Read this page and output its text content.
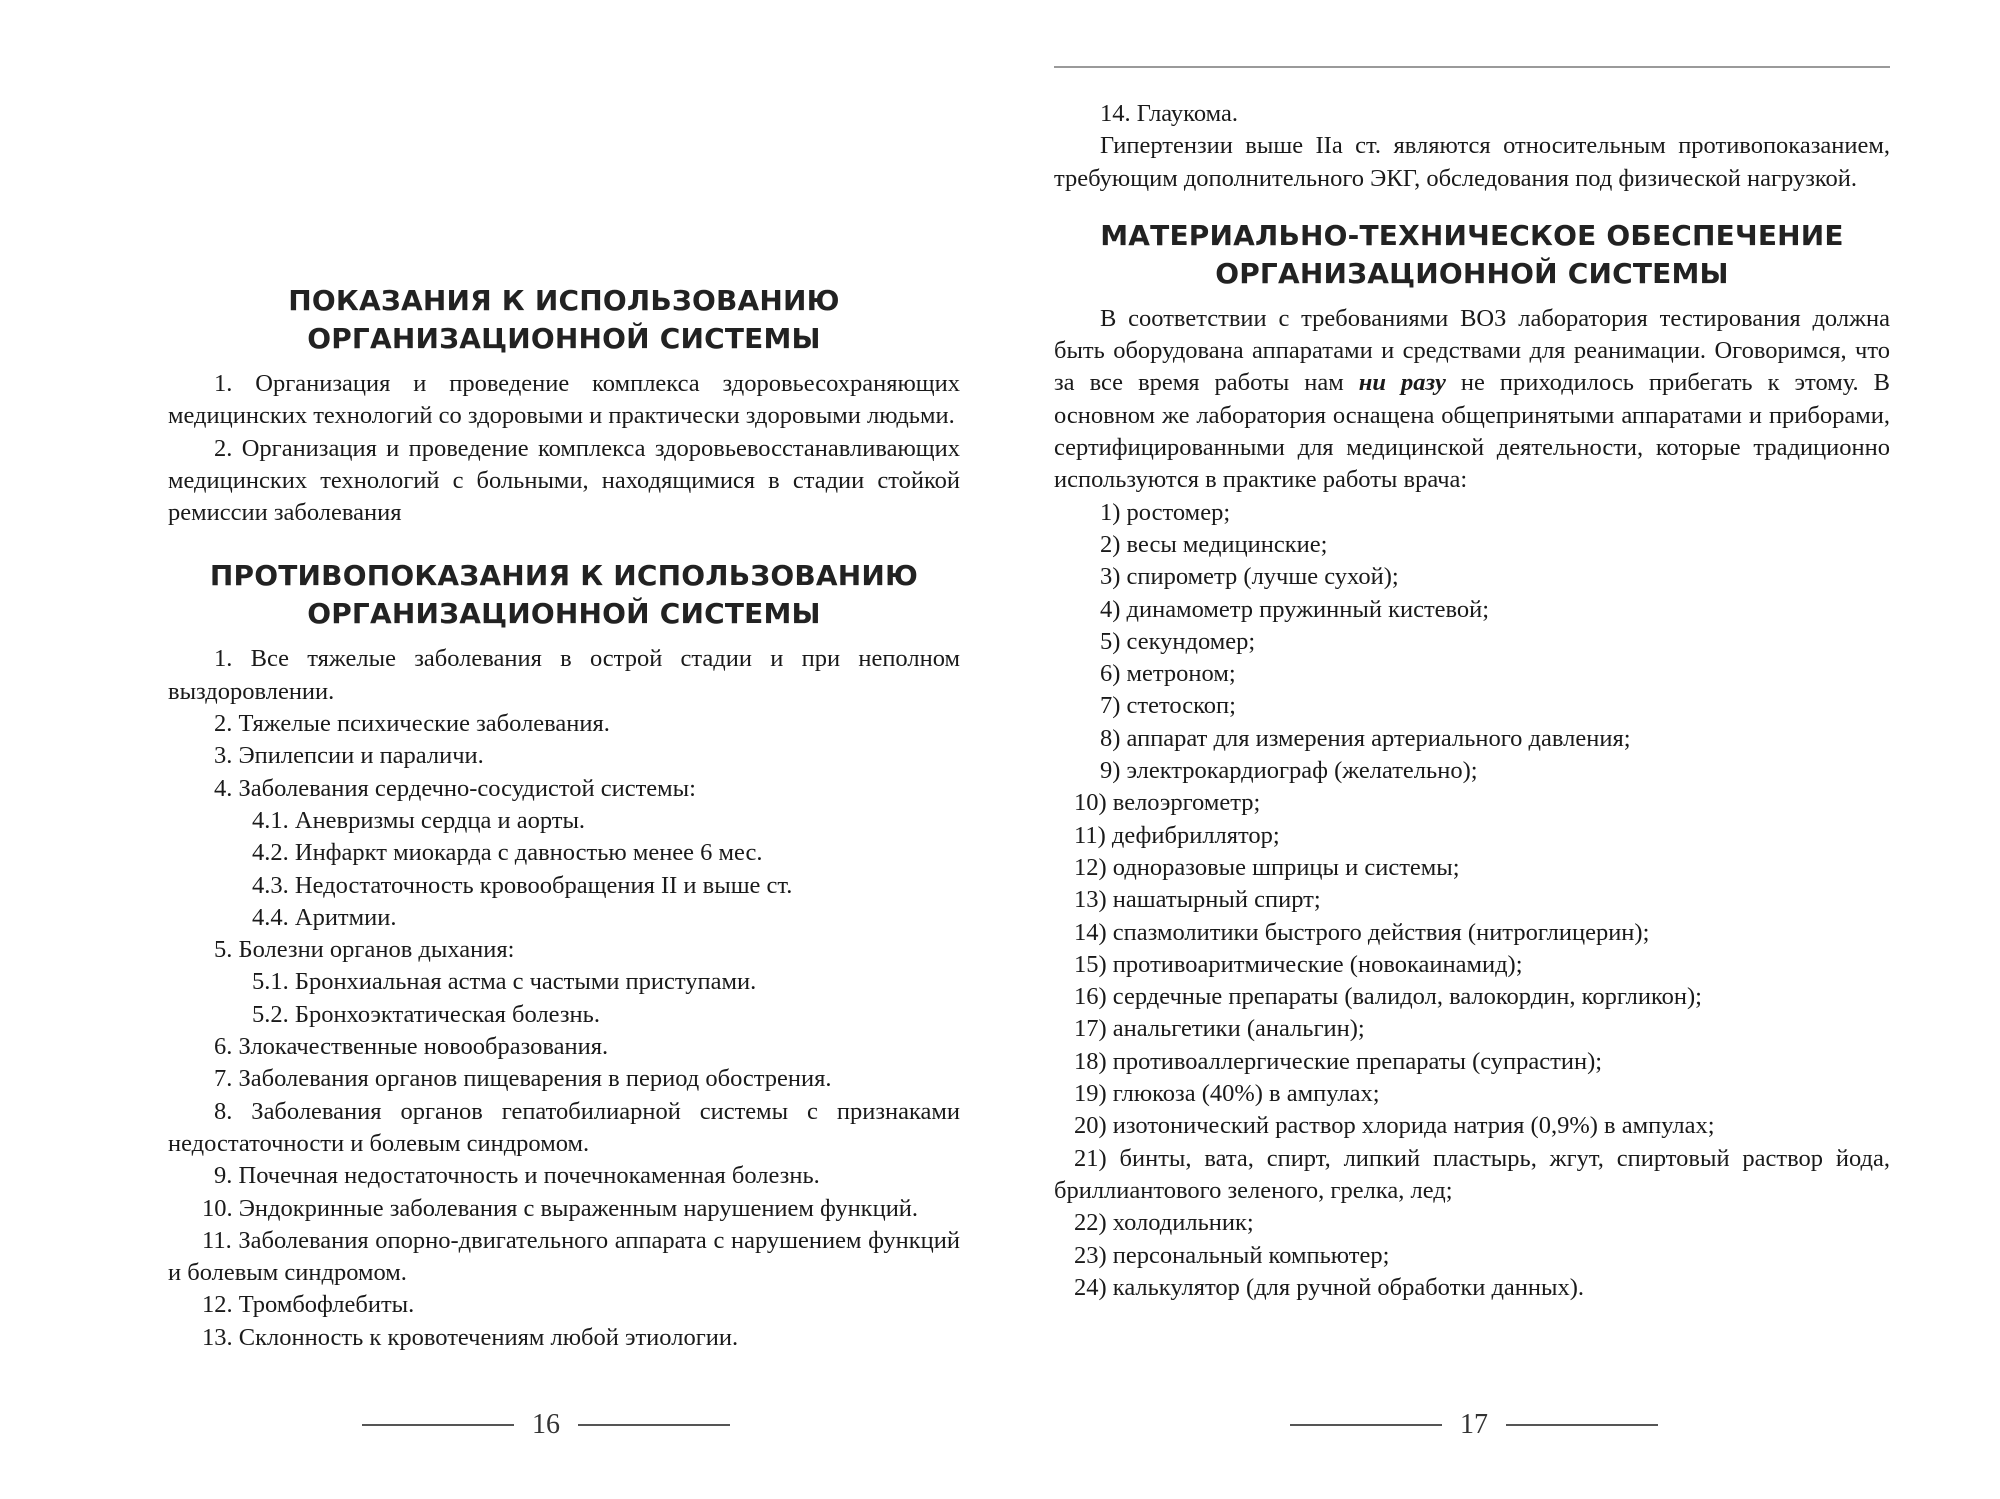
ПОКАЗАНИЯ К ИСПОЛЬЗОВАНИЮ
ОРГАНИЗАЦИОННОЙ СИСТЕМЫ

1. Организация и проведение комплекса здоровьесохраняющих медицинских технологий со здоровыми и практически здоровыми людьми.

2. Организация и проведение комплекса здоровьевосстанавливающих медицинских технологий с больными, находящимися в стадии стойкой ремиссии заболевания

ПРОТИВОПОКАЗАНИЯ К ИСПОЛЬЗОВАНИЮ
ОРГАНИЗАЦИОННОЙ СИСТЕМЫ

1. Все тяжелые заболевания в острой стадии и при неполном выздоровлении.

2. Тяжелые психические заболевания.
3. Эпилепсии и параличи.
4. Заболевания сердечно-сосудистой системы:
4.1. Аневризмы сердца и аорты.
4.2. Инфаркт миокарда с давностью менее 6 мес.
4.3. Недостаточность кровообращения II и выше ст.
4.4. Аритмии.
5. Болезни органов дыхания:
5.1. Бронхиальная астма с частыми приступами.
5.2. Бронхоэктатическая болезнь.
6. Злокачественные новообразования.
7. Заболевания органов пищеварения в период обострения.

8. Заболевания органов гепатобилиарной системы с признаками недостаточности и болевым синдромом.

9. Почечная недостаточность и почечнокаменная болезнь.
10. Эндокринные заболевания с выраженным нарушением функций.

11. Заболевания опорно-двигательного аппарата с нарушением функций и болевым синдромом.

12. Тромбофлебиты.
13. Склонность к кровотечениям любой этиологии.
16
14. Глаукома.

Гипертензии выше IIа ст. являются относительным противопоказанием, требующим дополнительного ЭКГ, обследования под физической нагрузкой.

МАТЕРИАЛЬНО-ТЕХНИЧЕСКОЕ ОБЕСПЕЧЕНИЕ
ОРГАНИЗАЦИОННОЙ СИСТЕМЫ

В соответствии с требованиями ВОЗ лаборатория тестирования должна быть оборудована аппаратами и средствами для реанимации. Оговоримся, что за все время работы нам ни разу не приходилось прибегать к этому. В основном же лаборатория оснащена общепринятыми аппаратами и приборами, сертифицированными для медицинской деятельности, которые традиционно используются в практике работы врача:

1) ростомер;
2) весы медицинские;
3) спирометр (лучше сухой);
4) динамометр пружинный кистевой;
5) секундомер;
6) метроном;
7) стетоскоп;
8) аппарат для измерения артериального давления;
9) электрокардиограф (желательно);
10) велоэргометр;
11) дефибриллятор;
12) одноразовые шприцы и системы;
13) нашатырный спирт;
14) спазмолитики быстрого действия (нитроглицерин);
15) противоаритмические (новокаинамид);
16) сердечные препараты (валидол, валокордин, коргликон);
17) анальгетики (анальгин);
18) противоаллергические препараты (супрастин);
19) глюкоза (40%) в ампулах;
20) изотонический раствор хлорида натрия (0,9%) в ампулах;

21) бинты, вата, спирт, липкий пластырь, жгут, спиртовый раствор йода, бриллиантового зеленого, грелка, лед;

22) холодильник;
23) персональный компьютер;
24) калькулятор (для ручной обработки данных).
17
